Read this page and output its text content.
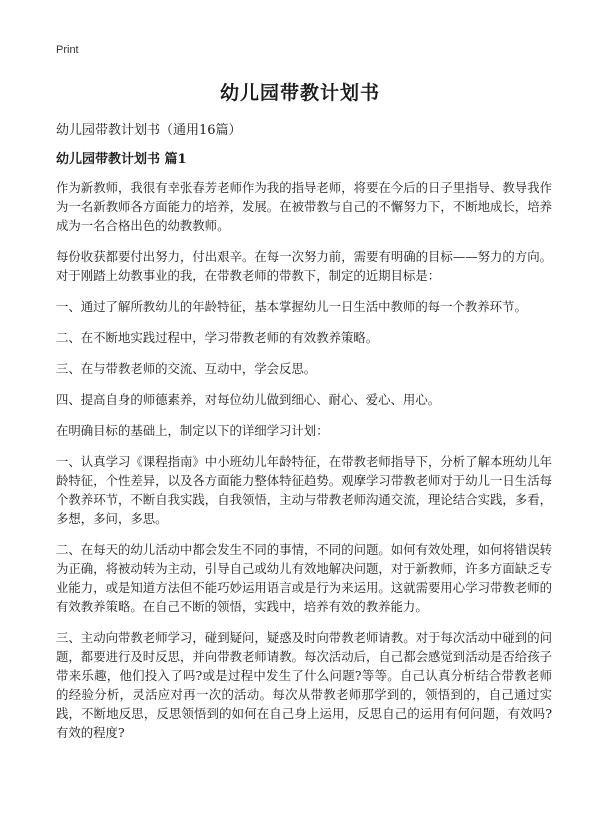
Print
幼儿园带教计划书

幼儿园带教计划书（通用16篇）

幼儿园带教计划书 篇1

作为新教师，我很有幸张春芳老师作为我的指导老师，将要在今后的日子里指导、教导我作为一名新教师各方面能力的培养，发展。在被带教与自己的不懈努力下，不断地成长，培养成为一名合格出色的幼教教师。

每份收获都要付出努力，付出艰辛。在每一次努力前，需要有明确的目标——努力的方向。对于刚踏上幼教事业的我，在带教老师的带教下，制定的近期目标是：

一、通过了解所教幼儿的年龄特征，基本掌握幼儿一日生活中教师的每一个教养环节。

二、在不断地实践过程中，学习带教老师的有效教养策略。

三、在与带教老师的交流、互动中，学会反思。

四、提高自身的师德素养，对每位幼儿做到细心、耐心、爱心、用心。

在明确目标的基础上，制定以下的详细学习计划：

一、认真学习《课程指南》中小班幼儿年龄特征，在带教老师指导下，分析了解本班幼儿年龄特征，个性差异，以及各方面能力整体特征趋势。观摩学习带教老师对于幼儿一日生活每个教养环节，不断自我实践，自我领悟，主动与带教老师沟通交流，理论结合实践，多看，多想，多问，多思。

二、在每天的幼儿活动中都会发生不同的事情，不同的问题。如何有效处理，如何将错误转为正确，将被动转为主动，引导自己或幼儿有效地解决问题，对于新教师，许多方面缺乏专业能力，或是知道方法但不能巧妙运用语言或是行为来运用。这就需要用心学习带教老师的有效教养策略。在自己不断的领悟，实践中，培养有效的教养能力。

三、主动向带教老师学习，碰到疑问，疑惑及时向带教老师请教。对于每次活动中碰到的问题，都要进行及时反思，并向带教老师请教。每次活动后，自己都会感觉到活动是否给孩子带来乐趣，他们投入了吗?或是过程中发生了什么问题?等等。自己认真分析结合带教老师的经验分析，灵活应对再一次的活动。每次从带教老师那学到的，领悟到的，自己通过实践，不断地反思，反思领悟到的如何在自己身上运用，反思自己的运用有何问题，有效吗?有效的程度?
